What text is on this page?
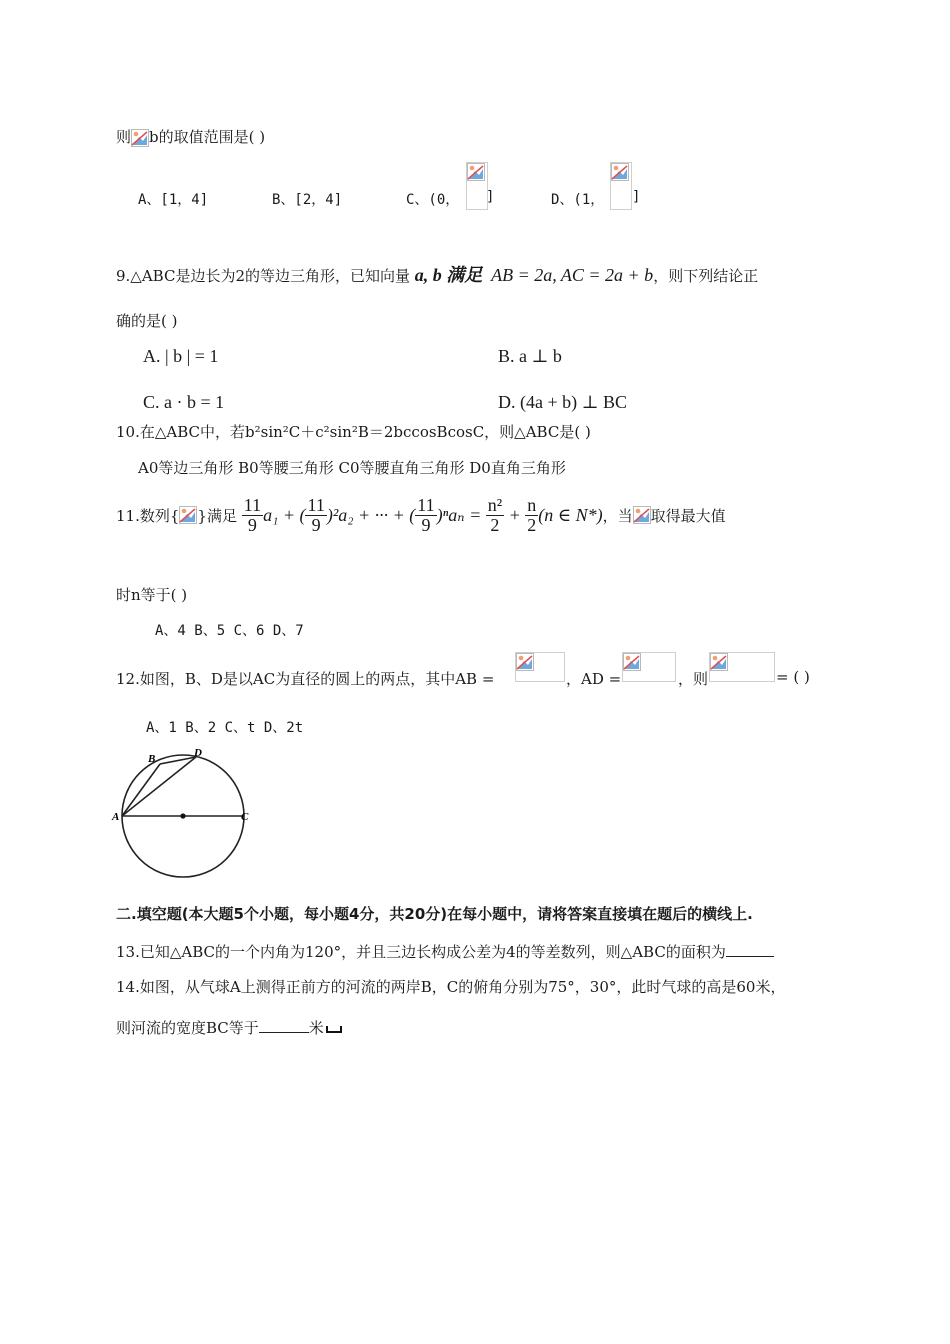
则 b的取值范围是( )
A、[1，4]	B、[2，4]	C、(0， ]	D、(1， ]
9.△ABC是边长为2的等边三角形，已知向量 a, b 满足 AB = 2a, AC = 2a + b，则下列结论正
确的是( )
A. | b | = 1	B. a ⊥ b
C. a · b = 1	D. (4a + b) ⊥ BC
10.在△ABC中，若b²sin²C＋c²sin²B＝2bccosBcosC，则△ABC是( )
A0等边三角形 B0等腰三角形 C0等腰直角三角形 D0直角三角形
11.数列{ }满足 $\frac{11}{9} a_1$ + ( $\frac{11}{9} )^2a_2$ + ··· + ( $\frac{11}{9} )^na_n = \frac{\text{n²}}{2} + \frac{n}{2} (n$ ∈ N*)，当 取得最大值
时n等于( )
A、4 B、5 C、6 D、7
12.如图，B、D是以AC为直径的圆上的两点，其中AB =	，AD =	，则	= ( )
A、1 B、2 C、t D、2t
A
B	D
C
二.填空题(本大题5个小题，每小题4分，共20分)在每小题中，请将答案直接填在题后的横线上.
13.已知△ABC的一个内角为120°，并且三边长构成公差为4的等差数列，则△ABC的面积为
14.如图，从气球A上测得正前方的河流的两岸B，C的俯角分别为75°，30°，此时气球的高是60米，
则河流的宽度BC等于	米
